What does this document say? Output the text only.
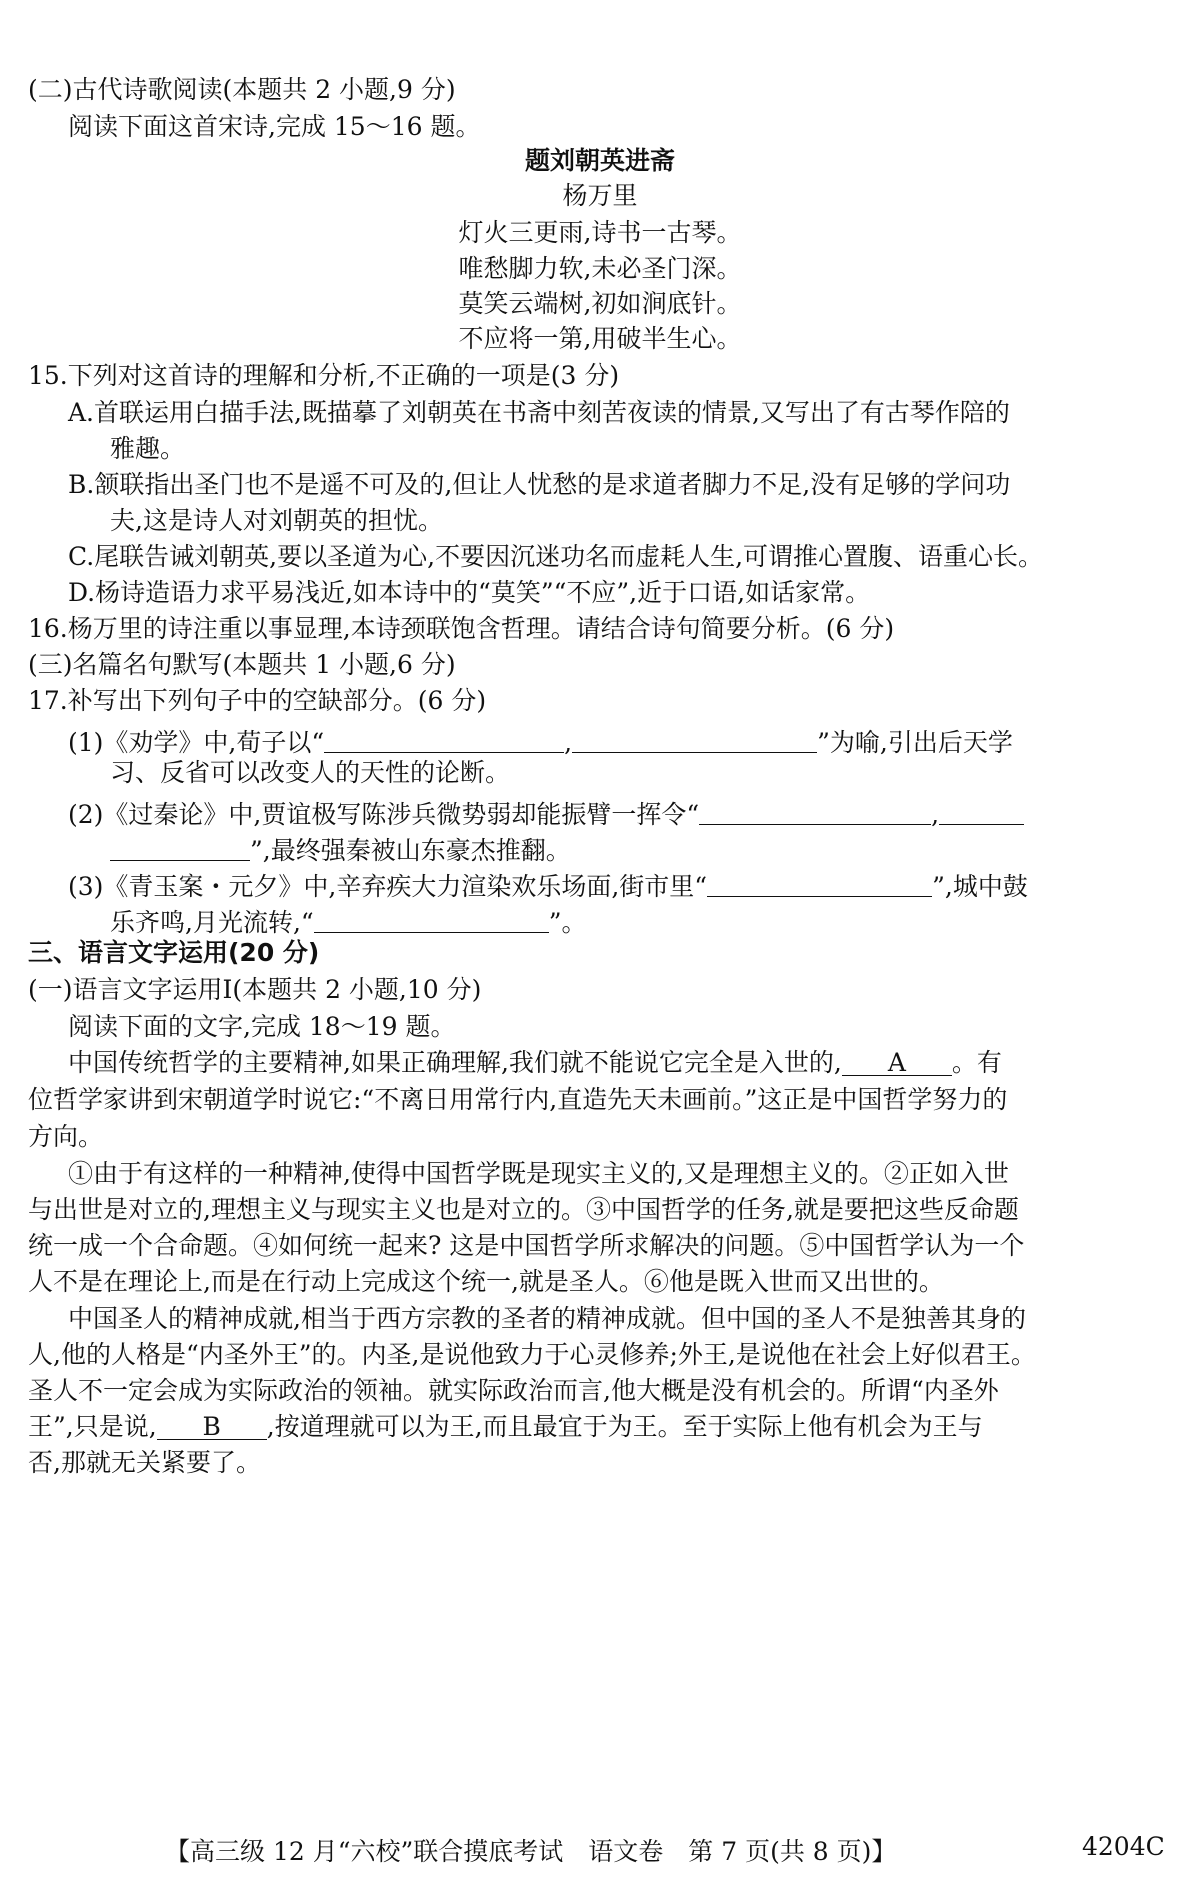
(二)古代诗歌阅读(本题共 2 小题,9 分)
阅读下面这首宋诗,完成 15～16 题。
题刘朝英进斋
杨万里
灯火三更雨,诗书一古琴。
唯愁脚力软,未必圣门深。
莫笑云端树,初如涧底针。
不应将一第,用破半生心。
15.下列对这首诗的理解和分析,不正确的一项是(3 分)
A.首联运用白描手法,既描摹了刘朝英在书斋中刻苦夜读的情景,又写出了有古琴作陪的
雅趣。
B.颔联指出圣门也不是遥不可及的,但让人忧愁的是求道者脚力不足,没有足够的学问功
夫,这是诗人对刘朝英的担忧。
C.尾联告诫刘朝英,要以圣道为心,不要因沉迷功名而虚耗人生,可谓推心置腹、语重心长。
D.杨诗造语力求平易浅近,如本诗中的“莫笑”“不应”,近于口语,如话家常。
16.杨万里的诗注重以事显理,本诗颈联饱含哲理。请结合诗句简要分析。(6 分)
(三)名篇名句默写(本题共 1 小题,6 分)
17.补写出下列句子中的空缺部分。(6 分)
(1)《劝学》中,荀子以“	,	”为喻,引出后天学
习、反省可以改变人的天性的论断。
(2)《过秦论》中,贾谊极写陈涉兵微势弱却能振臂一挥令“	,
”,最终强秦被山东豪杰推翻。
(3)《青玉案・元夕》中,辛弃疾大力渲染欢乐场面,街市里“	”,城中鼓
乐齐鸣,月光流转,“	”。
三、语言文字运用(20 分)
(一)语言文字运用Ⅰ(本题共 2 小题,10 分)
阅读下面的文字,完成 18～19 题。
中国传统哲学的主要精神,如果正确理解,我们就不能说它完全是入世的, A 。有
位哲学家讲到宋朝道学时说它:“不离日用常行内,直造先天未画前。”这正是中国哲学努力的
方向。
①由于有这样的一种精神,使得中国哲学既是现实主义的,又是理想主义的。②正如入世
与出世是对立的,理想主义与现实主义也是对立的。③中国哲学的任务,就是要把这些反命题
统一成一个合命题。④如何统一起来? 这是中国哲学所求解决的问题。⑤中国哲学认为一个
人不是在理论上,而是在行动上完成这个统一,就是圣人。⑥他是既入世而又出世的。
中国圣人的精神成就,相当于西方宗教的圣者的精神成就。但中国的圣人不是独善其身的
人,他的人格是“内圣外王”的。内圣,是说他致力于心灵修养;外王,是说他在社会上好似君王。
圣人不一定会成为实际政治的领袖。就实际政治而言,他大概是没有机会的。所谓“内圣外
王”,只是说, B ,按道理就可以为王,而且最宜于为王。至于实际上他有机会为王与
否,那就无关紧要了。
【高三级 12 月“六校”联合摸底考试　语文卷　第 7 页(共 8 页)】	4204C
